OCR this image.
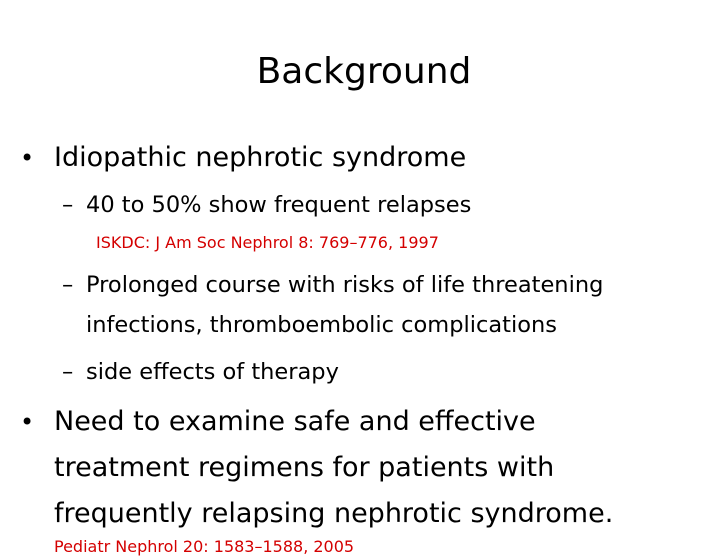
Background
• Idiopathic nephrotic syndrome
– 40 to 50% show frequent relapses
ISKDC: J Am Soc Nephrol 8: 769–776, 1997
– Prolonged course with risks of life threatening
infections, thromboembolic complications
– side effects of therapy
• Need to examine safe and effective
treatment regimens for patients with
frequently relapsing nephrotic syndrome.
Pediatr Nephrol 20: 1583–1588, 2005
